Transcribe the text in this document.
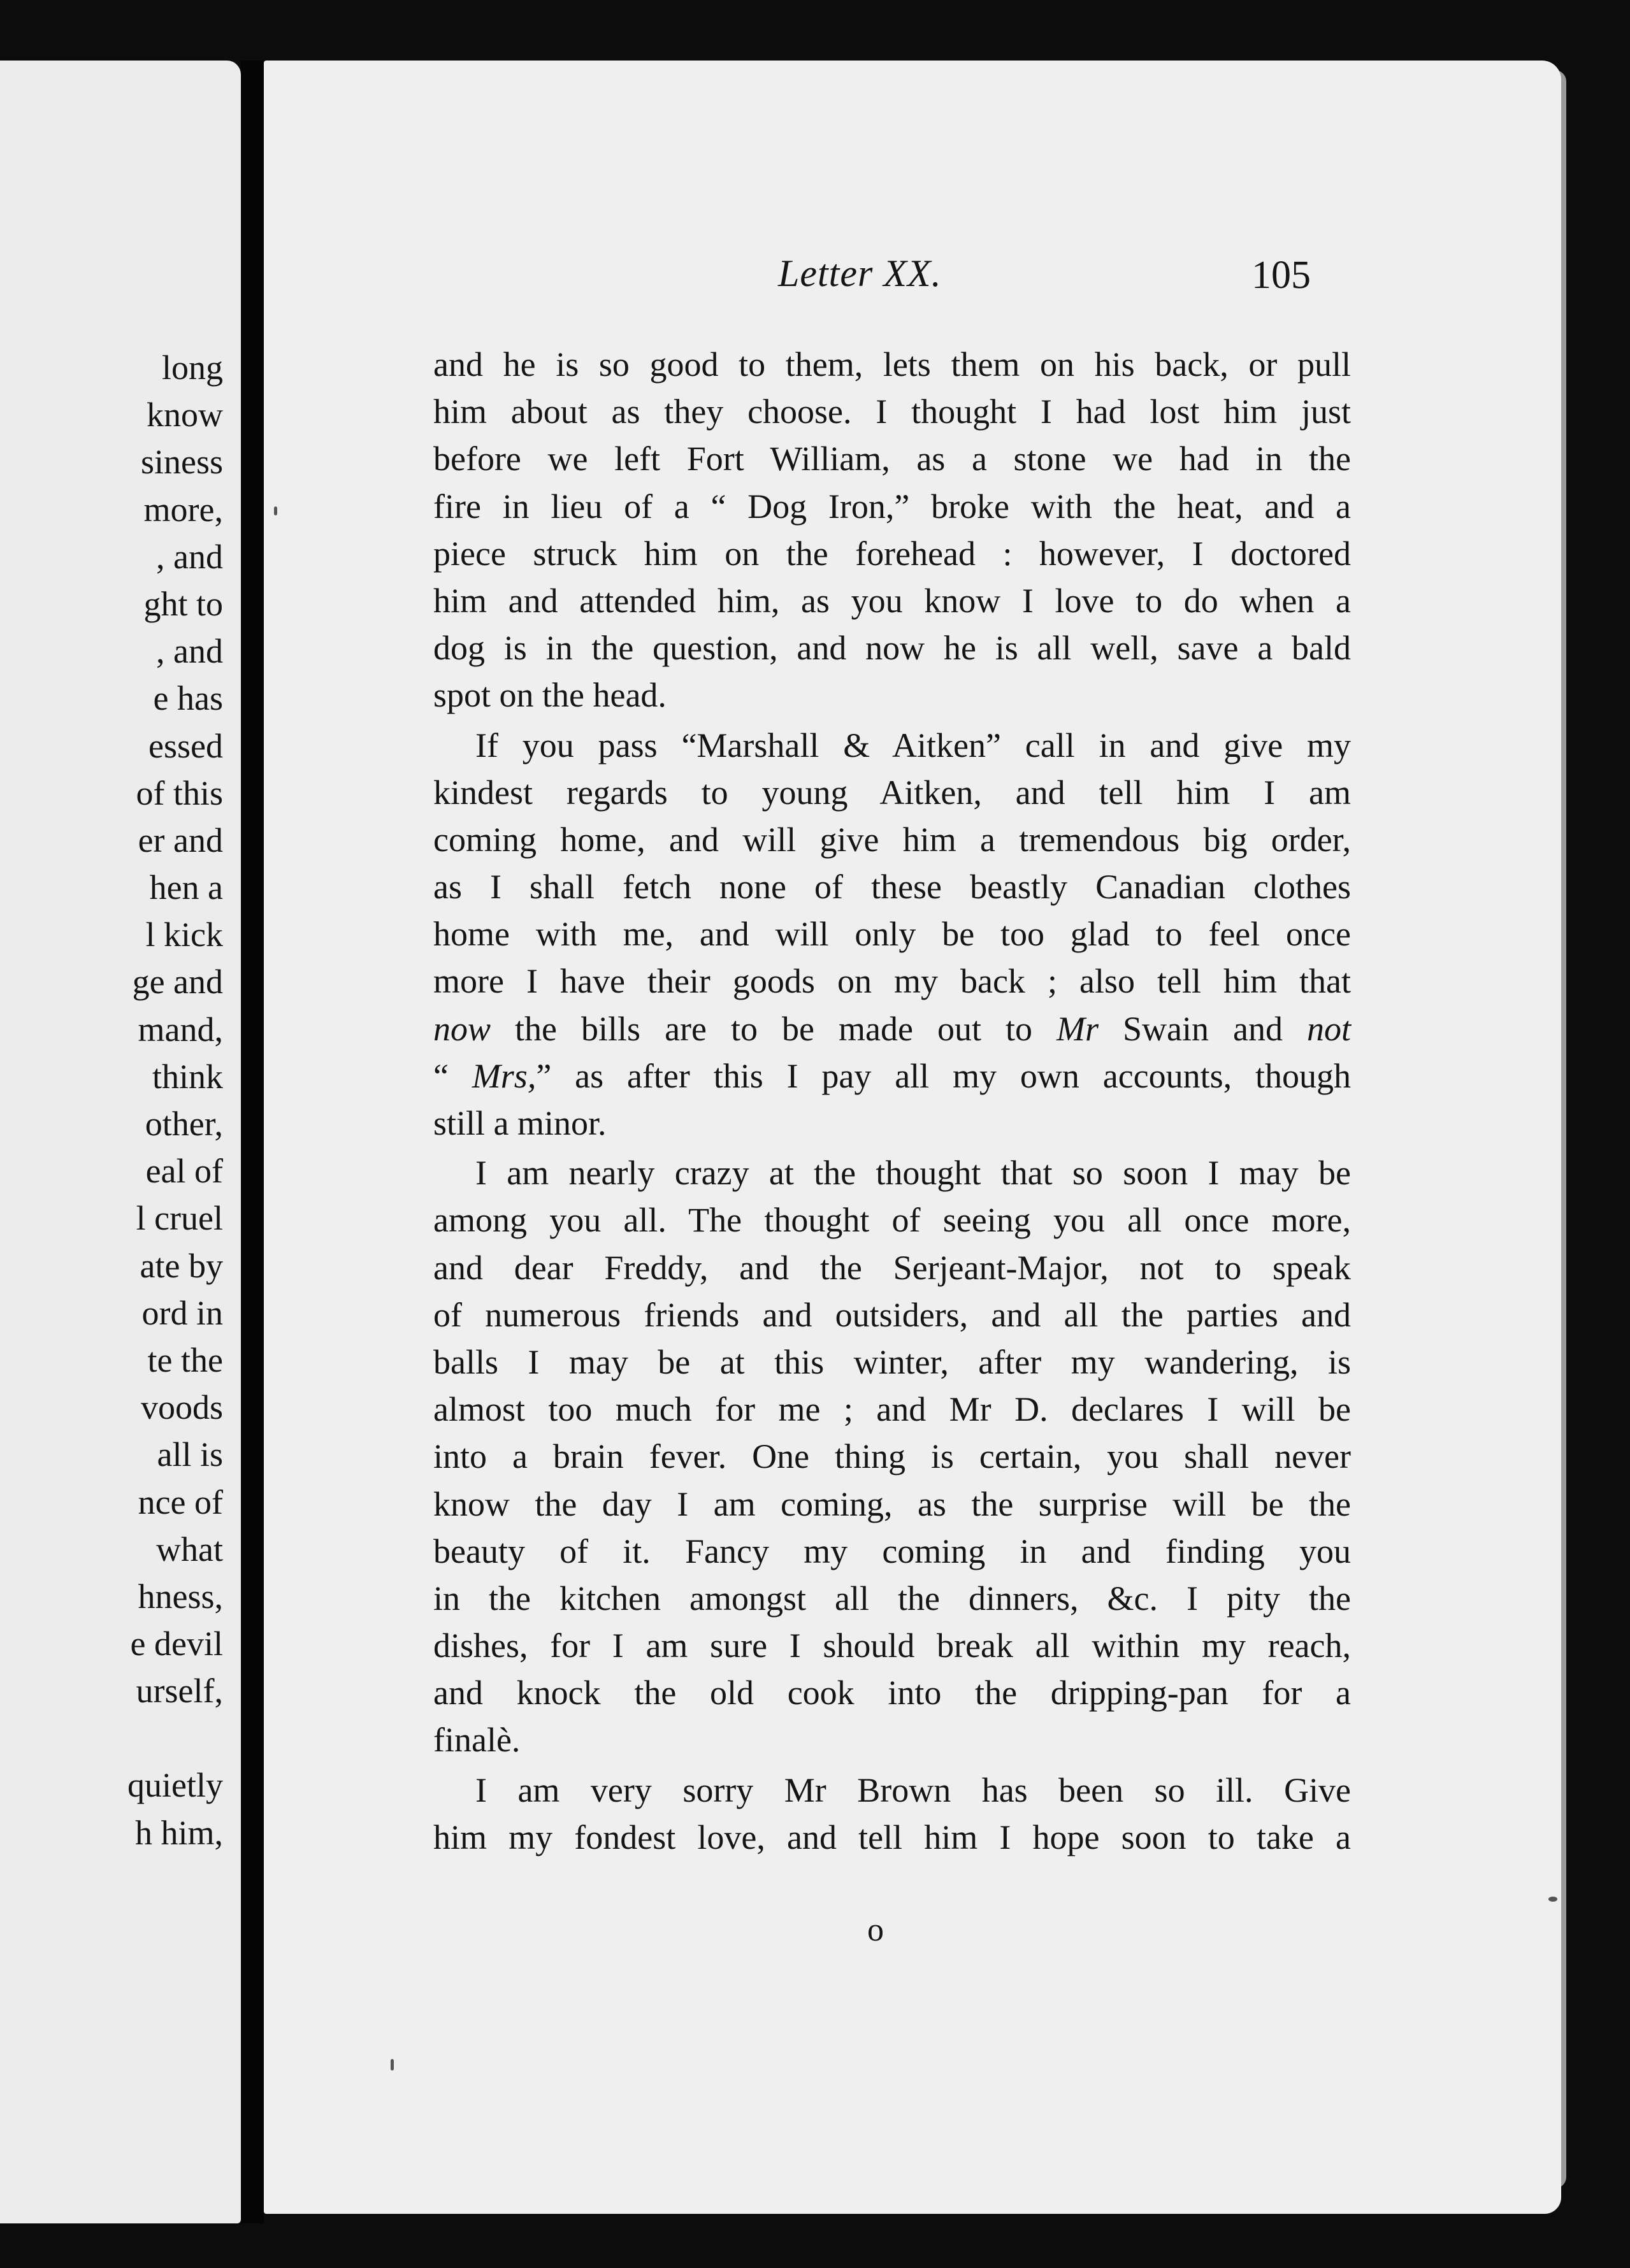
long
know
siness
more,
, and
ght to
, and
e has
essed
of this
er and
hen a
l kick
ge and
mand,
think
other,
eal of
l cruel
ate by
ord in
te the
voods
all is
nce of
what
hness,
e devil
urself,
quietly
h him,
Letter XX.	105
and he is so good to them, lets them on his back, or pull
him about as they choose. I thought I had lost him just
before we left Fort William, as a stone we had in the
fire in lieu of a “ Dog Iron,” broke with the heat, and a
piece struck him on the forehead : however, I doctored
him and attended him, as you know I love to do when a
dog is in the question, and now he is all well, save a bald
spot on the head.
If you pass “Marshall & Aitken” call in and give my
kindest regards to young Aitken, and tell him I am
coming home, and will give him a tremendous big order,
as I shall fetch none of these beastly Canadian clothes
home with me, and will only be too glad to feel once
more I have their goods on my back ; also tell him that
now the bills are to be made out to Mr Swain and not
“ Mrs,” as after this I pay all my own accounts, though
still a minor.
I am nearly crazy at the thought that so soon I may be
among you all. The thought of seeing you all once more,
and dear Freddy, and the Serjeant-Major, not to speak
of numerous friends and outsiders, and all the parties and
balls I may be at this winter, after my wandering, is
almost too much for me ; and Mr D. declares I will be
into a brain fever. One thing is certain, you shall never
know the day I am coming, as the surprise will be the
beauty of it. Fancy my coming in and finding you
in the kitchen amongst all the dinners, &c. I pity the
dishes, for I am sure I should break all within my reach,
and knock the old cook into the dripping-pan for a
finalè.
I am very sorry Mr Brown has been so ill. Give
him my fondest love, and tell him I hope soon to take a
o
